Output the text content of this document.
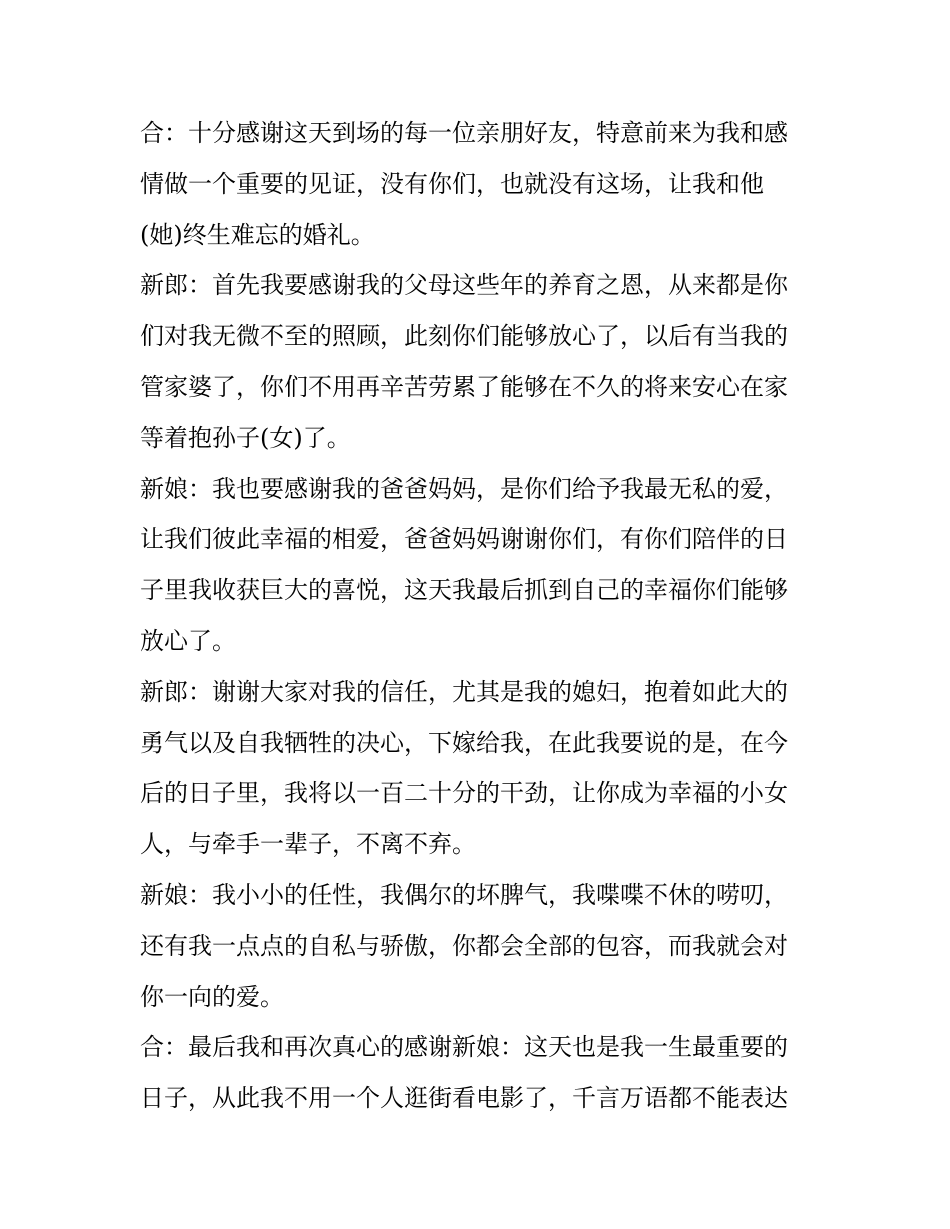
合：十分感谢这天到场的每一位亲朋好友，特意前来为我和感
情做一个重要的见证，没有你们，也就没有这场，让我和他
(她)终生难忘的婚礼。
新郎：首先我要感谢我的父母这些年的养育之恩，从来都是你
们对我无微不至的照顾，此刻你们能够放心了，以后有当我的
管家婆了，你们不用再辛苦劳累了能够在不久的将来安心在家
等着抱孙子(女)了。
新娘：我也要感谢我的爸爸妈妈，是你们给予我最无私的爱，
让我们彼此幸福的相爱，爸爸妈妈谢谢你们，有你们陪伴的日
子里我收获巨大的喜悦，这天我最后抓到自己的幸福你们能够
放心了。
新郎：谢谢大家对我的信任，尤其是我的媳妇，抱着如此大的
勇气以及自我牺牲的决心，下嫁给我，在此我要说的是，在今
后的日子里，我将以一百二十分的干劲，让你成为幸福的小女
人，与牵手一辈子，不离不弃。
新娘：我小小的任性，我偶尔的坏脾气，我喋喋不休的唠叨，
还有我一点点的自私与骄傲，你都会全部的包容，而我就会对
你一向的爱。
合：最后我和再次真心的感谢新娘：这天也是我一生最重要的
日子，从此我不用一个人逛街看电影了，千言万语都不能表达
